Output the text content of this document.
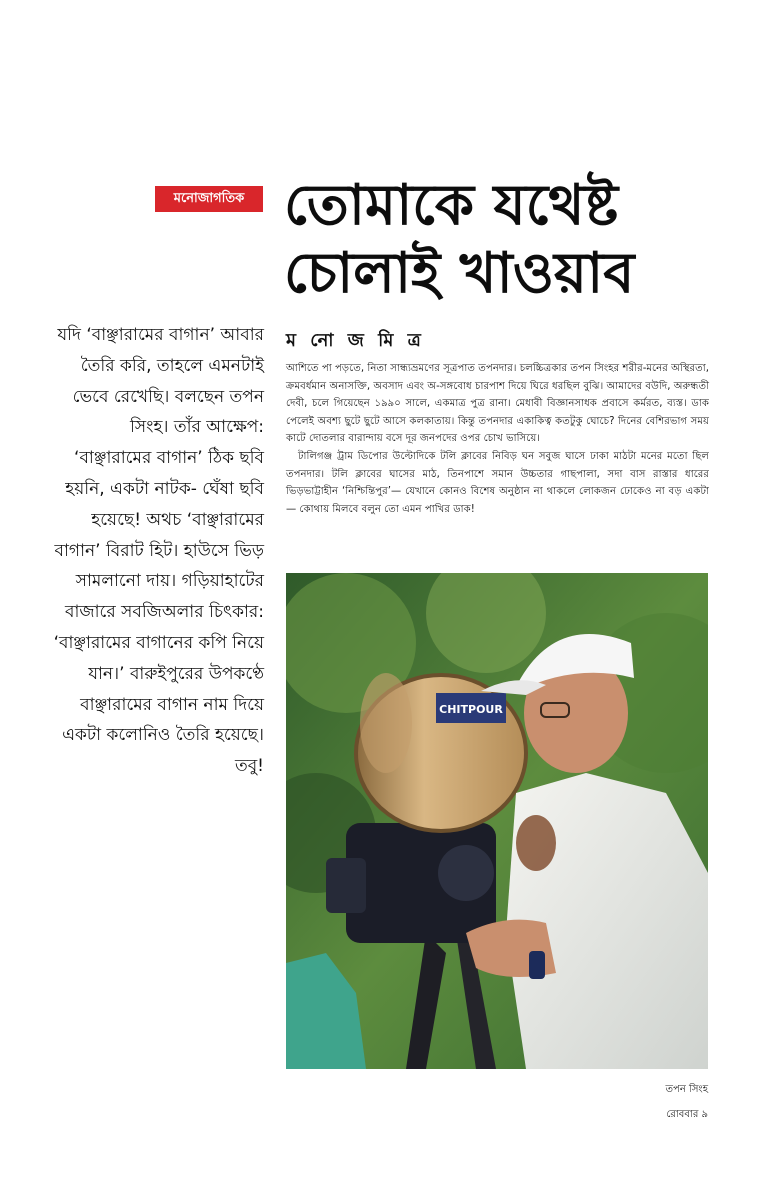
মনোজাগতিক তোমাকে যথেষ্ট
চোলাই খাওয়াব
ম নো জ মি ত্র

যদি ‘বাঞ্ছারামের বাগান’ আবার তৈরি করি, তাহলে এমনটাই ভেবে রেখেছি। বলছেন তপন সিংহ। তাঁর আক্ষেপ: ‘বাঞ্ছারামের বাগান’ ঠিক ছবি হয়নি, একটা নাটক- ঘেঁষা ছবি হয়েছে! অথচ ‘বাঞ্ছারামের বাগান’ বিরাট হিট। হাউসে ভিড় সামলানো দায়। গড়িয়াহাটের বাজারে সবজিঅলার চিৎকার: ‘বাঞ্ছারামের বাগানের কপি নিয়ে যান।’ বারুইপুরের উপকণ্ঠে বাঞ্ছারামের বাগান নাম দিয়ে একটা কলোনিও তৈরি হয়েছে। তবু!

আশিতে পা পড়তে, নিতা সান্ধ্যভ্রমণের সূত্রপাত তপনদার। চলচ্চিত্রকার তপন সিংহর শরীর-মনের অস্থিরতা, ক্রমবর্ধমান অনাসক্তি, অবসাদ এবং অ-সঙ্গবোধ চারপাশ দিয়ে ঘিরে ধরছিল বুঝি। আমাদের বউদি, অরুন্ধতী দেবী, চলে গিয়েছেন ১৯৯০ সালে, একমাত্র পুত্র রানা। মেধাবী বিজ্ঞানসাধক প্রবাসে কর্মরত, ব্যস্ত। ডাক পেলেই অবশ্য ছুটে ছুটে আসে কলকাতায়। কিন্তু তপনদার একাকিত্ব কতটুকু ঘোচে? দিনের বেশিরভাগ সময় কাটে দোতলার বারান্দায় বসে দূর জনপদের ওপর চোখ ভাসিয়ে।

টালিগঞ্জ ট্রাম ডিপোর উল্টোদিকে টলি ক্লাবের নিবিড় ঘন সবুজ ঘাসে ঢাকা মাঠটা মনের মতো ছিল তপনদার। টলি ক্লাবের ঘাসের মাঠ, তিনপাশে সমান উচ্চতার গাছপালা, সদা বাস রাস্তার ধারের ভিড়ভাট্টাহীন ‘নিশ্চিন্তিপুর’— যেখানে কোনও বিশেষ অনুষ্ঠান না থাকলে লোকজন ঢোকেও না বড় একটা— কোথায় মিলবে বলুন তো এমন পাখির ডাক!

CHITPOUR
তপন সিংহ
রোববার ৯
